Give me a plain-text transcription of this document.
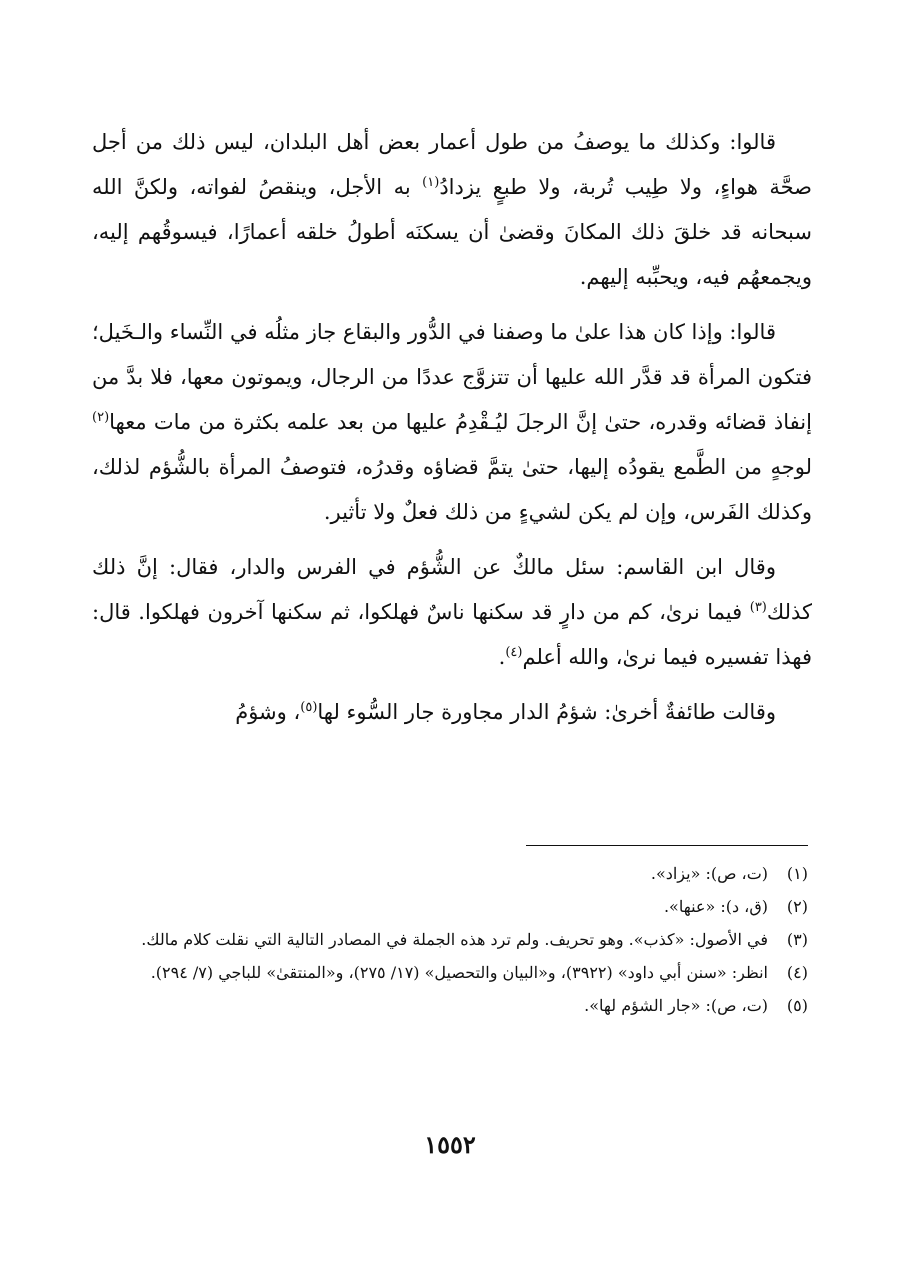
قالوا: وكذلك ما يوصفُ من طول أعمار بعض أهل البلدان، ليس ذلك من أجل صحَّة هواءٍ، ولا طِيب تُربة، ولا طبعٍ يزدادُ$^{(١)}$ به الأجل، وينقصُ لفواته، ولكنَّ الله سبحانه قد خلقَ ذلك المكانَ وقضىٰ أن يسكنَه أطولُ خلقه أعمارًا، فيسوقُهم إليه، ويجمعهُم فيه، ويحبِّبه إليهم.

قالوا: وإذا كان هذا علىٰ ما وصفنا في الدُّور والبقاع جاز مثلُه في النِّساء والـخَيل؛ فتكون المرأة قد قدَّر الله عليها أن تتزوَّج عددًا من الرجال، ويموتون معها، فلا بدَّ من إنفاذ قضائه وقدره، حتىٰ إنَّ الرجلَ ليُـقْدِمُ عليها من بعد علمه بكثرة من مات معها$^{(٢)}$ لوجهٍ من الطَّمع يقودُه إليها، حتىٰ يتمَّ قضاؤه وقدرُه، فتوصفُ المرأة بالشُّؤم لذلك، وكذلك الفَرس، وإن لم يكن لشيءٍ من ذلك فعلٌ ولا تأثير.

وقال ابن القاسم: سئل مالكٌ عن الشُّؤم في الفرس والدار، فقال: إنَّ ذلك كذلك$^{(٣)}$ فيما نرىٰ، كم من دارٍ قد سكنها ناسٌ فهلكوا، ثم سكنها آخرون فهلكوا. قال: فهذا تفسيره فيما نرىٰ، والله أعلم$^{(٤)}$.

وقالت طائفةٌ أخرىٰ: شؤمُ الدار مجاورة جار السُّوء لها$^{(٥)}$، وشؤمُ

(١)
(ت، ص): «يزاد».
(٢)
(ق، د): «عنها».
(٣)
في الأصول: «كذب». وهو تحريف. ولم ترد هذه الجملة في المصادر التالية التي نقلت كلام مالك.
(٤)
انظر: «سنن أبي داود» (٣٩٢٢)، و«البيان والتحصيل» (١٧/ ٢٧٥)، و«المنتقىٰ» للباجي (٧/ ٢٩٤).
(٥)
(ت، ص): «جار الشؤم لها».
١٥٥٢
